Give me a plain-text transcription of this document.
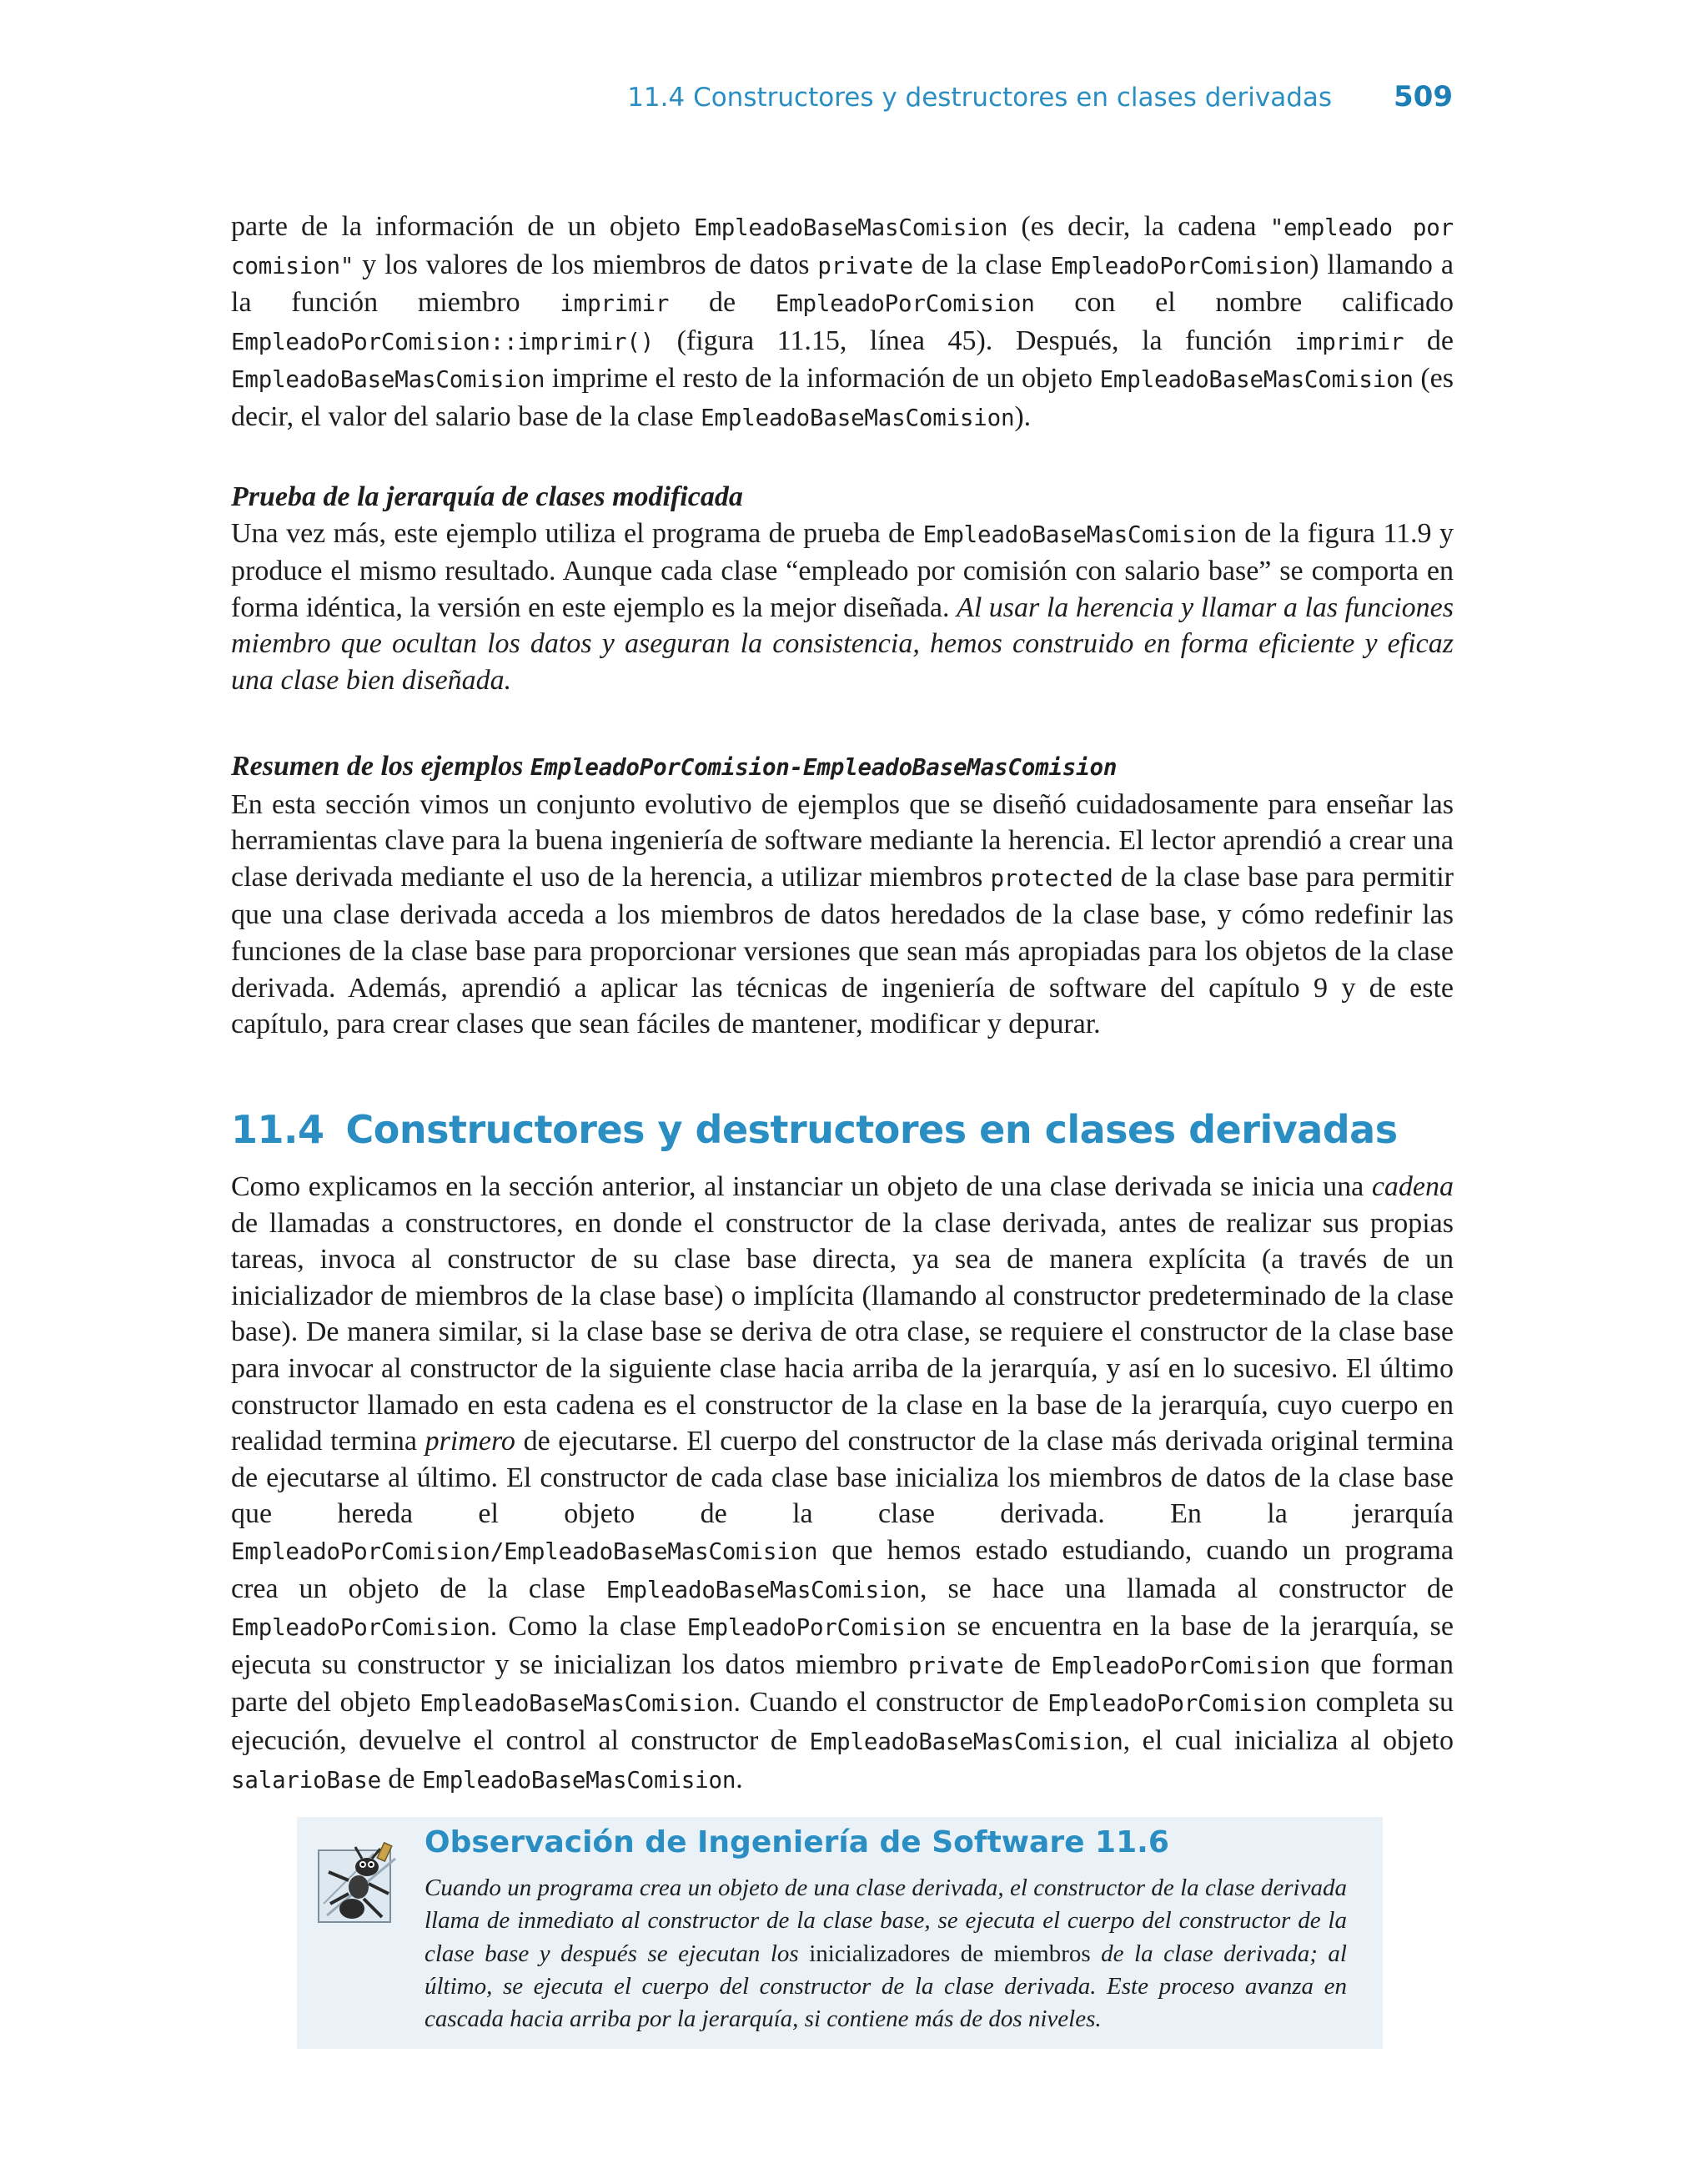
11.4 Constructores y destructores en clases derivadas 509

parte de la información de un objeto EmpleadoBaseMasComision (es decir, la cadena "empleado por comision" y los valores de los miembros de datos private de la clase EmpleadoPorComision) llamando a la función miembro imprimir de EmpleadoPorComision con el nombre calificado EmpleadoPorComision::imprimir() (figura 11.15, línea 45). Después, la función imprimir de EmpleadoBaseMasComision imprime el resto de la información de un objeto EmpleadoBaseMasComision (es decir, el valor del salario base de la clase EmpleadoBaseMasComision).

Prueba de la jerarquía de clases modificada

Una vez más, este ejemplo utiliza el programa de prueba de EmpleadoBaseMasComision de la figura 11.9 y produce el mismo resultado. Aunque cada clase “empleado por comisión con salario base” se comporta en forma idéntica, la versión en este ejemplo es la mejor diseñada. Al usar la herencia y llamar a las funciones miembro que ocultan los datos y aseguran la consistencia, hemos construido en forma eficiente y eficaz una clase bien diseñada.

Resumen de los ejemplos EmpleadoPorComision-EmpleadoBaseMasComision

En esta sección vimos un conjunto evolutivo de ejemplos que se diseñó cuidadosamente para enseñar las herramientas clave para la buena ingeniería de software mediante la herencia. El lector aprendió a crear una clase derivada mediante el uso de la herencia, a utilizar miembros protected de la clase base para permitir que una clase derivada acceda a los miembros de datos heredados de la clase base, y cómo redefinir las funciones de la clase base para proporcionar versiones que sean más apropiadas para los objetos de la clase derivada. Además, aprendió a aplicar las técnicas de ingeniería de software del capítulo 9 y de este capítulo, para crear clases que sean fáciles de mantener, modificar y depurar.

11.4 Constructores y destructores en clases derivadas

Como explicamos en la sección anterior, al instanciar un objeto de una clase derivada se inicia una cadena de llamadas a constructores, en donde el constructor de la clase derivada, antes de realizar sus propias tareas, invoca al constructor de su clase base directa, ya sea de manera explícita (a través de un inicializador de miembros de la clase base) o implícita (llamando al constructor predeterminado de la clase base). De manera similar, si la clase base se deriva de otra clase, se requiere el constructor de la clase base para invocar al constructor de la siguiente clase hacia arriba de la jerarquía, y así en lo sucesivo. El último constructor llamado en esta cadena es el constructor de la clase en la base de la jerarquía, cuyo cuerpo en realidad termina primero de ejecutarse. El cuerpo del constructor de la clase más derivada original termina de ejecutarse al último. El constructor de cada clase base inicializa los miembros de datos de la clase base que hereda el objeto de la clase derivada. En la jerarquía EmpleadoPorComision/EmpleadoBaseMasComision que hemos estado estudiando, cuando un programa crea un objeto de la clase EmpleadoBaseMasComision, se hace una llamada al constructor de EmpleadoPorComision. Como la clase EmpleadoPorComision se encuentra en la base de la jerarquía, se ejecuta su constructor y se inicializan los datos miembro private de EmpleadoPorComision que forman parte del objeto EmpleadoBaseMasComision. Cuando el constructor de EmpleadoPorComision completa su ejecución, devuelve el control al constructor de EmpleadoBaseMasComision, el cual inicializa al objeto salarioBase de EmpleadoBaseMasComision.

Observación de Ingeniería de Software 11.6

Cuando un programa crea un objeto de una clase derivada, el constructor de la clase derivada llama de inmediato al constructor de la clase base, se ejecuta el cuerpo del constructor de la clase base y después se ejecutan los inicializadores de miembros de la clase derivada; al último, se ejecuta el cuerpo del constructor de la clase derivada. Este proceso avanza en cascada hacia arriba por la jerarquía, si contiene más de dos niveles.
